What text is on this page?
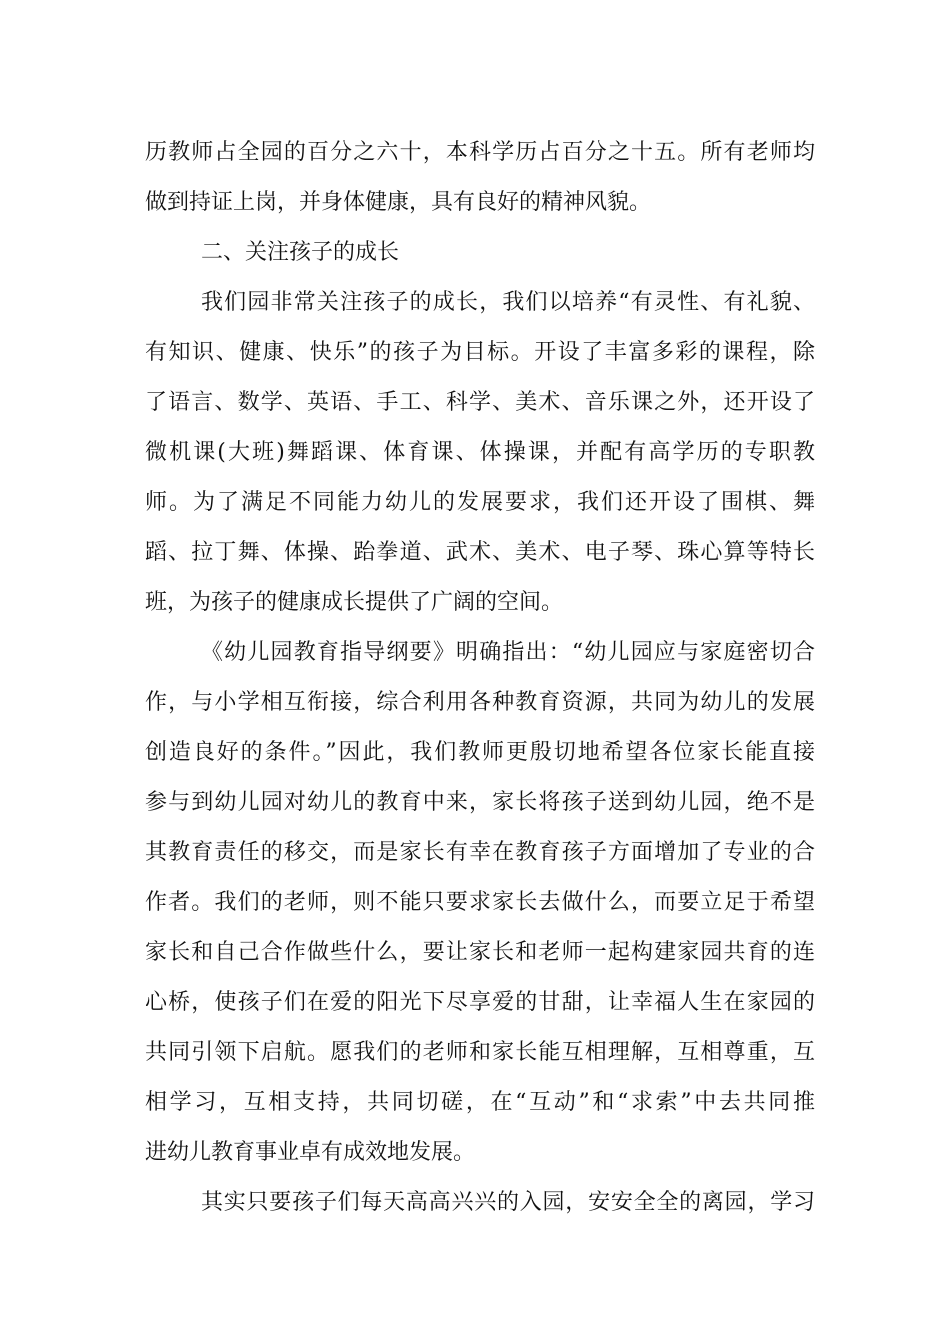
历教师占全园的百分之六十，本科学历占百分之十五。所有老师均
做到持证上岗，并身体健康，具有良好的精神风貌。
二、关注孩子的成长
我们园非常关注孩子的成长，我们以培养“有灵性、有礼貌、
有知识、健康、快乐”的孩子为目标。开设了丰富多彩的课程，除
了语言、数学、英语、手工、科学、美术、音乐课之外，还开设了
微机课(大班)舞蹈课、体育课、体操课，并配有高学历的专职教
师。为了满足不同能力幼儿的发展要求，我们还开设了围棋、舞
蹈、拉丁舞、体操、跆拳道、武术、美术、电子琴、珠心算等特长
班，为孩子的健康成长提供了广阔的空间。
《幼儿园教育指导纲要》明确指出：“幼儿园应与家庭密切合
作，与小学相互衔接，综合利用各种教育资源，共同为幼儿的发展
创造良好的条件。”因此，我们教师更殷切地希望各位家长能直接
参与到幼儿园对幼儿的教育中来，家长将孩子送到幼儿园，绝不是
其教育责任的移交，而是家长有幸在教育孩子方面增加了专业的合
作者。我们的老师，则不能只要求家长去做什么，而要立足于希望
家长和自己合作做些什么，要让家长和老师一起构建家园共育的连
心桥，使孩子们在爱的阳光下尽享爱的甘甜，让幸福人生在家园的
共同引领下启航。愿我们的老师和家长能互相理解，互相尊重，互
相学习，互相支持，共同切磋，在“互动”和“求索”中去共同推
进幼儿教育事业卓有成效地发展。
其实只要孩子们每天高高兴兴的入园，安安全全的离园，学习
